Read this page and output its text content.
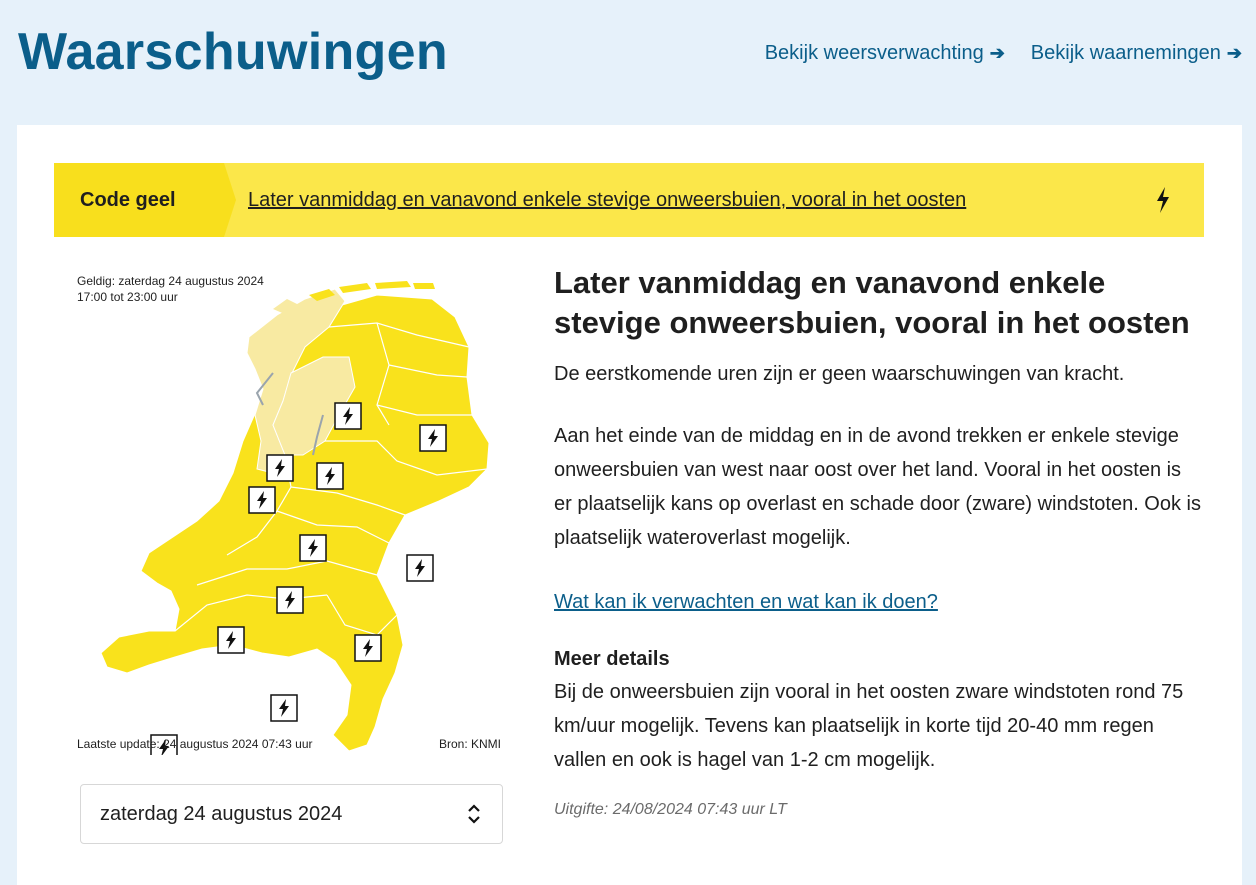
Waarschuwingen	Bekijk weersverwachting ➔ Bekijk waarnemingen ➔
Code geel	Later vanmiddag en vanavond enkele stevige onweersbuien, vooral in het oosten
Geldig: zaterdag 24 augustus 2024
17:00 tot 23:00 uur
Laatste update: 24 augustus 2024 07:43 uur	Bron: KNMI
zaterdag 24 augustus 2024
Later vanmiddag en vanavond enkele stevige onweersbuien, vooral in het oosten

De eerstkomende uren zijn er geen waarschuwingen van kracht.

Aan het einde van de middag en in de avond trekken er enkele stevige onweersbuien van west naar oost over het land. Vooral in het oosten is er plaatselijk kans op overlast en schade door (zware) windstoten. Ook is plaatselijk wateroverlast mogelijk.

Wat kan ik verwachten en wat kan ik doen?
Meer details

Bij de onweersbuien zijn vooral in het oosten zware windstoten rond 75 km/uur mogelijk. Tevens kan plaatselijk in korte tijd 20-40 mm regen vallen en ook is hagel van 1-2 cm mogelijk.

Uitgifte: 24/08/2024 07:43 uur LT
